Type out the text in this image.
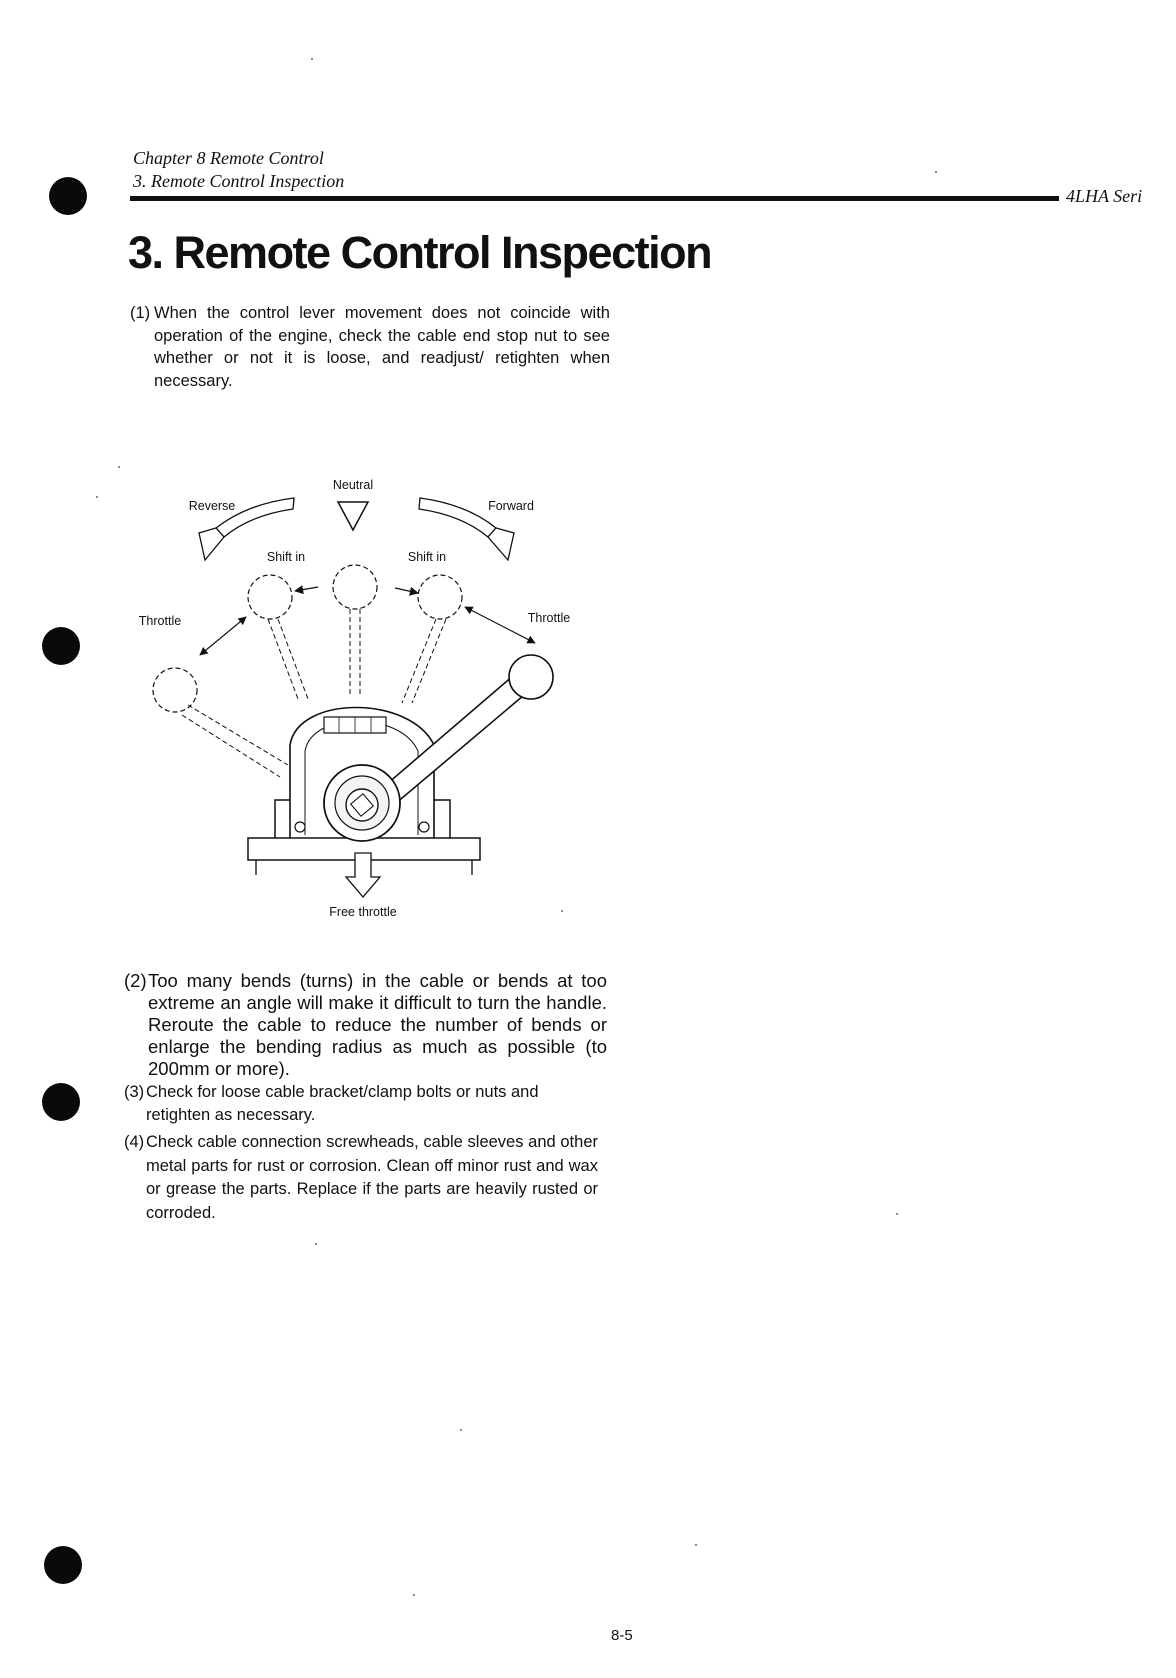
Chapter 8 Remote Control
3. Remote Control Inspection
4LHA Seri
3. Remote Control Inspection
(1) When the control lever movement does not coincide with operation of the engine, check the cable end stop nut to see whether or not it is loose, and readjust/ retighten when necessary.
Neutral
Reverse	Forward
Shift in	Shift in
Throttle	Throttle
Free throttle
(2) Too many bends (turns) in the cable or bends at too extreme an angle will make it difficult to turn the handle. Reroute the cable to reduce the number of bends or enlarge the bending radius as much as possible (to 200mm or more).
(3) Check for loose cable bracket/clamp bolts or nuts and retighten as necessary.
(4) Check cable connection screwheads, cable sleeves and other metal parts for rust or corrosion. Clean off minor rust and wax or grease the parts. Replace if the parts are heavily rusted or corroded.
8-5
